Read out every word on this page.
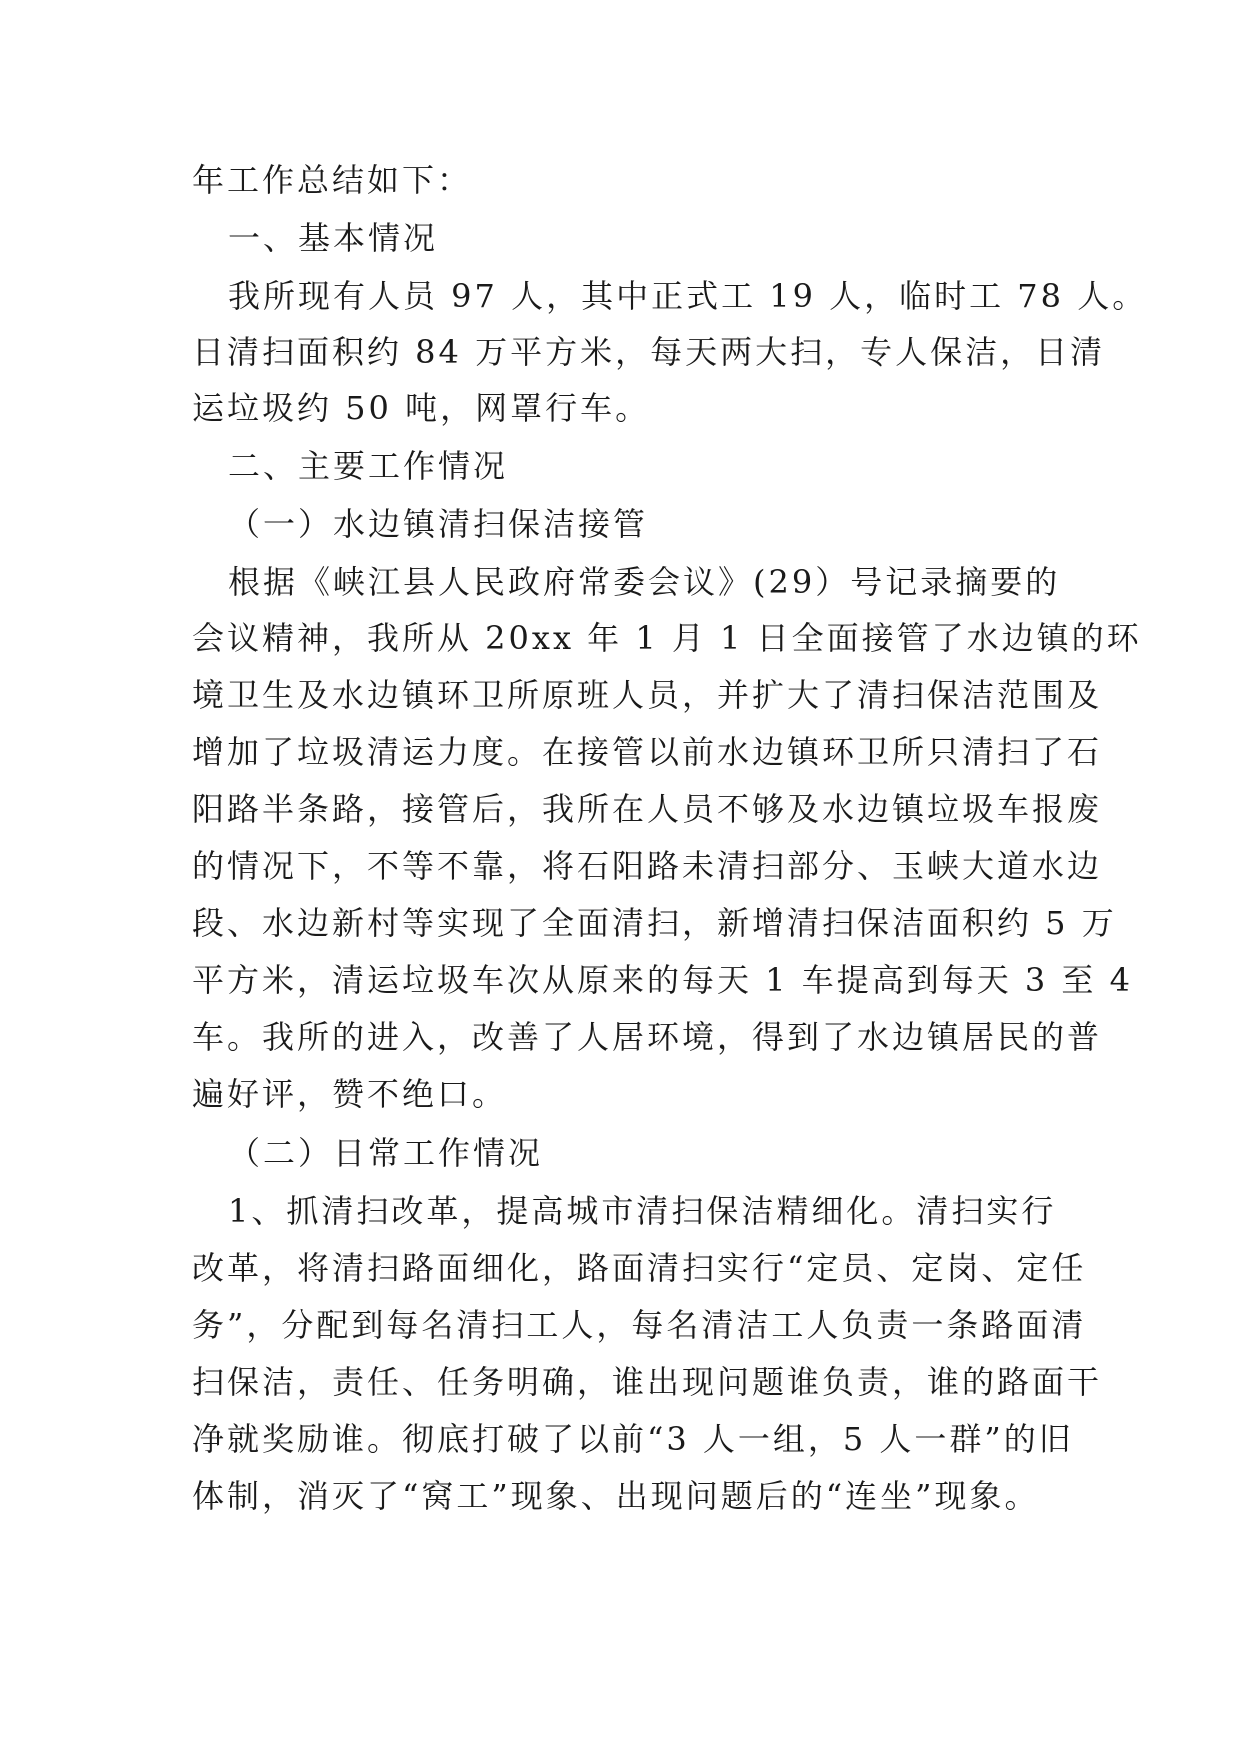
年工作总结如下：
一、基本情况
我所现有人员 97 人，其中正式工 19 人，临时工 78 人。
日清扫面积约 84 万平方米，每天两大扫，专人保洁，日清
运垃圾约 50 吨，网罩行车。
二、主要工作情况
（一）水边镇清扫保洁接管
根据《峡江县人民政府常委会议》(29）号记录摘要的
会议精神，我所从 20xx 年 1 月 1 日全面接管了水边镇的环
境卫生及水边镇环卫所原班人员，并扩大了清扫保洁范围及
增加了垃圾清运力度。在接管以前水边镇环卫所只清扫了石
阳路半条路，接管后，我所在人员不够及水边镇垃圾车报废
的情况下，不等不靠，将石阳路未清扫部分、玉峡大道水边
段、水边新村等实现了全面清扫，新增清扫保洁面积约 5 万
平方米，清运垃圾车次从原来的每天 1 车提高到每天 3 至 4
车。我所的进入，改善了人居环境，得到了水边镇居民的普
遍好评，赞不绝口。
（二）日常工作情况
1、抓清扫改革，提高城市清扫保洁精细化。清扫实行
改革，将清扫路面细化，路面清扫实行“定员、定岗、定任
务”，分配到每名清扫工人，每名清洁工人负责一条路面清
扫保洁，责任、任务明确，谁出现问题谁负责，谁的路面干
净就奖励谁。彻底打破了以前“3 人一组，5 人一群”的旧
体制，消灭了“窝工”现象、出现问题后的“连坐”现象。
